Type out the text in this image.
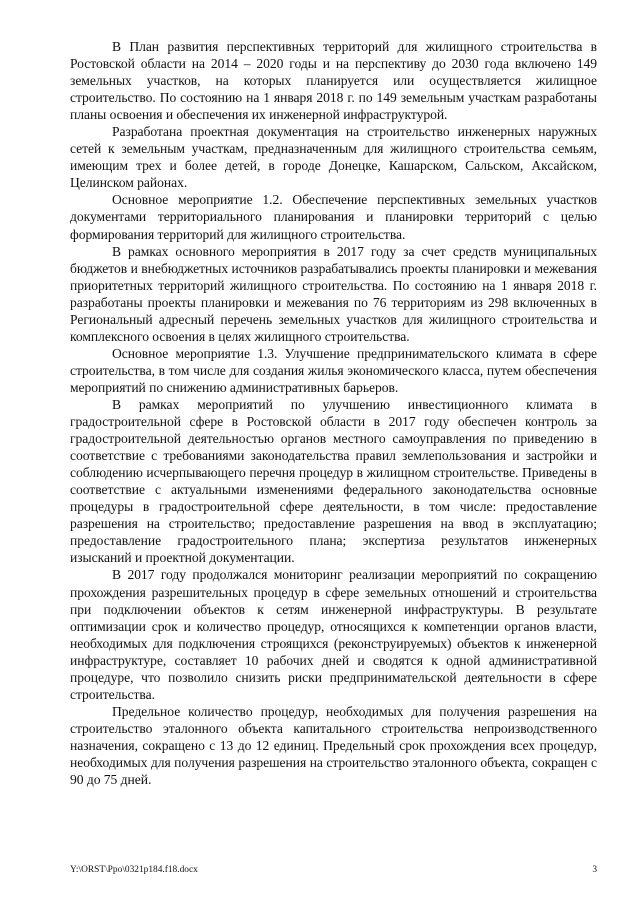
В План развития перспективных территорий для жилищного строительства в Ростовской области на 2014 – 2020 годы и на перспективу до 2030 года включено 149 земельных участков, на которых планируется или осуществляется жилищное строительство. По состоянию на 1 января 2018 г. по 149 земельным участкам разработаны планы освоения и обеспечения их инженерной инфраструктурой.

Разработана проектная документация на строительство инженерных наружных сетей к земельным участкам, предназначенным для жилищного строительства семьям, имеющим трех и более детей, в городе Донецке, Кашарском, Сальском, Аксайском, Целинском районах.

Основное мероприятие 1.2. Обеспечение перспективных земельных участков документами территориального планирования и планировки территорий с целью формирования территорий для жилищного строительства.

В рамках основного мероприятия в 2017 году за счет средств муниципальных бюджетов и внебюджетных источников разрабатывались проекты планировки и межевания приоритетных территорий жилищного строительства. По состоянию на 1 января 2018 г. разработаны проекты планировки и межевания по 76 территориям из 298 включенных в Региональный адресный перечень земельных участков для жилищного строительства и комплексного освоения в целях жилищного строительства.

Основное мероприятие 1.3. Улучшение предпринимательского климата в сфере строительства, в том числе для создания жилья экономического класса, путем обеспечения мероприятий по снижению административных барьеров.

В рамках мероприятий по улучшению инвестиционного климата в градостроительной сфере в Ростовской области в 2017 году обеспечен контроль за градостроительной деятельностью органов местного самоуправления по приведению в соответствие с требованиями законодательства правил землепользования и застройки и соблюдению исчерпывающего перечня процедур в жилищном строительстве. Приведены в соответствие с актуальными изменениями федерального законодательства основные процедуры в градостроительной сфере деятельности, в том числе: предоставление разрешения на строительство; предоставление разрешения на ввод в эксплуатацию; предоставление градостроительного плана; экспертиза результатов инженерных изысканий и проектной документации.

В 2017 году продолжался мониторинг реализации мероприятий по сокращению прохождения разрешительных процедур в сфере земельных отношений и строительства при подключении объектов к сетям инженерной инфраструктуры. В результате оптимизации срок и количество процедур, относящихся к компетенции органов власти, необходимых для подключения строящихся (реконструируемых) объектов к инженерной инфраструктуре, составляет 10 рабочих дней и сводятся к одной административной процедуре, что позволило снизить риски предпринимательской деятельности в сфере строительства.

Предельное количество процедур, необходимых для получения разрешения на строительство эталонного объекта капитального строительства непроизводственного назначения, сокращено с 13 до 12 единиц. Предельный срок прохождения всех процедур, необходимых для получения разрешения на строительство эталонного объекта, сокращен с 90 до 75 дней.

Y:\ORST\Ppo\0321p184.f18.docx	3
